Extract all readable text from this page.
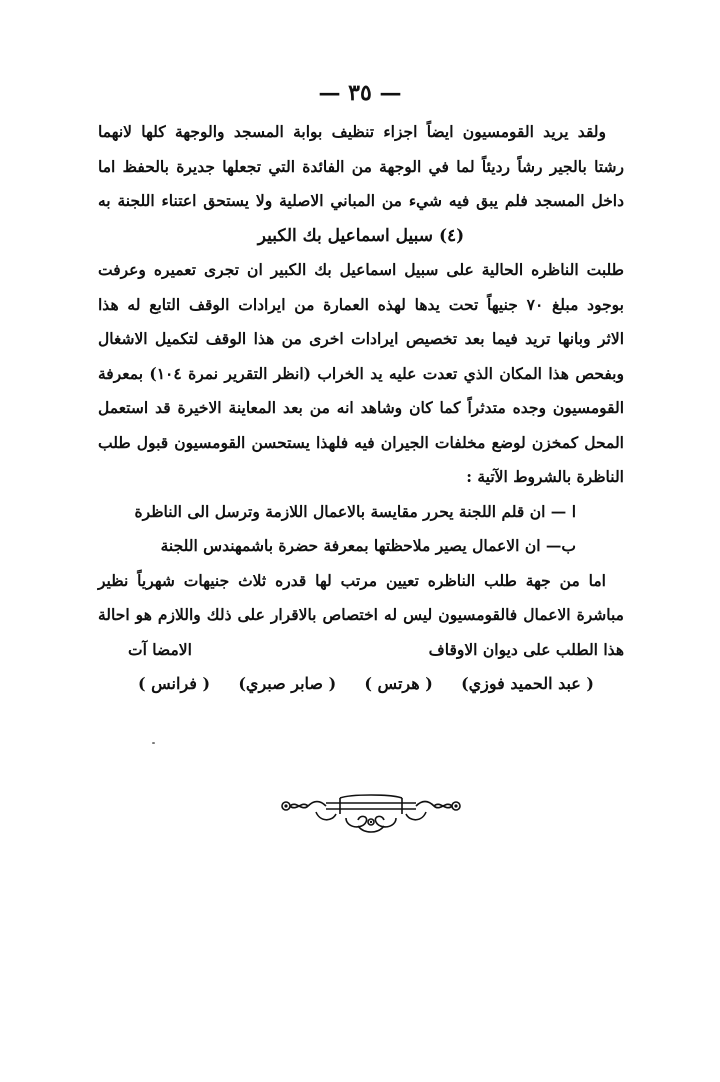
— ٣٥ —
ولقد يريد القومسيون ايضاً اجزاء تنظيف بوابة المسجد والوجهة كلها لانهما
رشتا بالجير رشاً رديئاً لما في الوجهة من الفائدة التي تجعلها جديرة بالحفظ اما
داخل المسجد فلم يبق فيه شيء من المباني الاصلية ولا يستحق اعتناء اللجنة به
(٤) سبيل اسماعيل بك الكبير
طلبت الناظره الحالية على سبيل اسماعيل بك الكبير ان تجرى تعميره وعرفت
بوجود مبلغ ٧٠ جنيهاً تحت يدها لهذه العمارة من ايرادات الوقف التابع له هذا
الاثر وبانها تريد فيما بعد تخصيص ايرادات اخرى من هذا الوقف لتكميل الاشغال
وبفحص هذا المكان الذي تعدت عليه يد الخراب (انظر التقرير نمرة ١٠٤) بمعرفة
القومسيون وجده متدثراً كما كان وشاهد انه من بعد المعاينة الاخيرة قد استعمل
المحل كمخزن لوضع مخلفات الجيران فيه فلهذا يستحسن القومسيون قبول طلب
الناظرة بالشروط الآتية :
ا — ان قلم اللجنة يحرر مقايسة بالاعمال اللازمة وترسل الى الناظرة
ب— ان الاعمال يصير ملاحظتها بمعرفة حضرة باشمهندس اللجنة
اما من جهة طلب الناظره تعيين مرتب لها قدره ثلاث جنيهات شهرياً نظير
مباشرة الاعمال فالقومسيون ليس له اختصاص بالاقرار على ذلك واللازم هو احالة
هذا الطلب على ديوان الاوقاف
الامضا آت
( عبد الحميد فوزي)
( هرتس )
( صابر صبري)
( فرانس )
